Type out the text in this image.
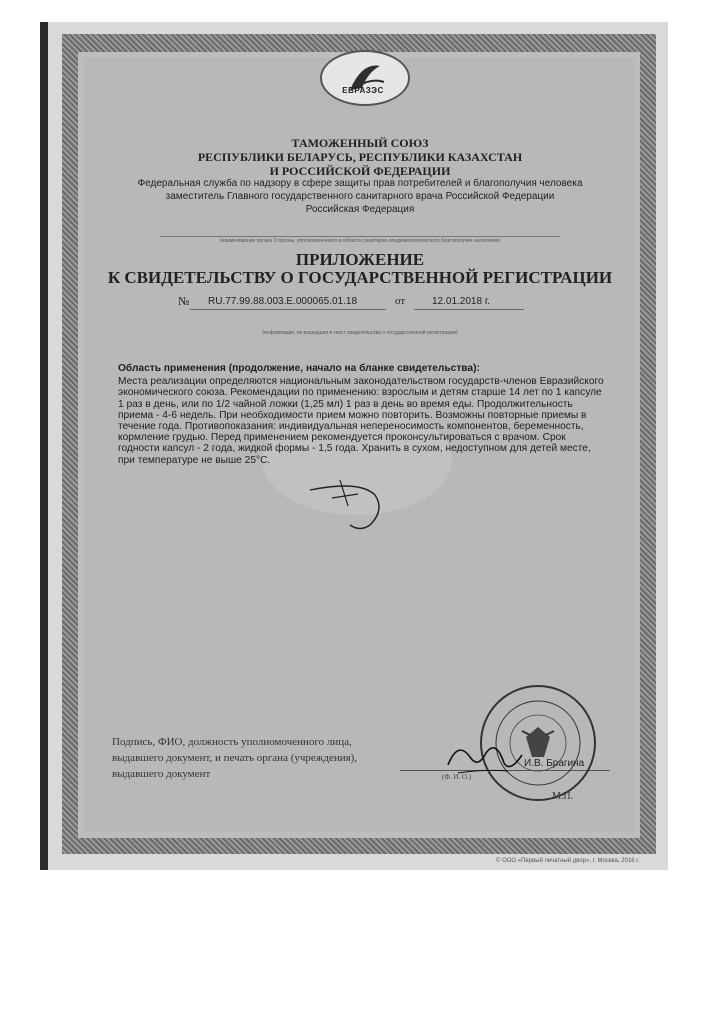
ЕВРАЗЭС
ТАМОЖЕННЫЙ СОЮЗ
РЕСПУБЛИКИ БЕЛАРУСЬ, РЕСПУБЛИКИ КАЗАХСТАН
И РОССИЙСКОЙ ФЕДЕРАЦИИ
Федеральная служба по надзору в сфере защиты прав потребителей и благополучия человека
заместитель Главного государственного санитарного врача Российской Федерации
Российская Федерация
(наименование органа Стороны, уполномоченного в области санитарно-эпидемиологического благополучия населения)
ПРИЛОЖЕНИЕ
К СВИДЕТЕЛЬСТВУ О ГОСУДАРСТВЕННОЙ РЕГИСТРАЦИИ
№ RU.77.99.88.003.Е.000065.01.18	от	12.01.2018 г.
(информация, не вошедшая в текст свидетельства о государственной регистрации)
Область применения (продолжение, начало на бланке свидетельства):
Места реализации определяются национальным законодательством государств-членов Евразийского экономического союза. Рекомендации по применению: взрослым и детям старше 14 лет по 1 капсуле 1 раз в день, или по 1/2 чайной ложки (1,25 мл) 1 раз в день во время еды. Продолжительность приема - 4-6 недель. При необходимости прием можно повторить. Возможны повторные приемы в течение года. Противопоказания: индивидуальная непереносимость компонентов, беременность, кормление грудью. Перед применением рекомендуется проконсультироваться с врачом. Срок годности капсул - 2 года, жидкой формы - 1,5 года. Хранить в сухом, недоступном для детей месте, при температуре не выше 25°С.
Подпись, ФИО, должность уполномоченного лица, выдавшего документ, и печать органа (учреждения), выдавшего документ
И.В. Брагина
(Ф. И. О.)
М.П.
© ООО «Первый печатный двор», г. Москва, 2016 г.
